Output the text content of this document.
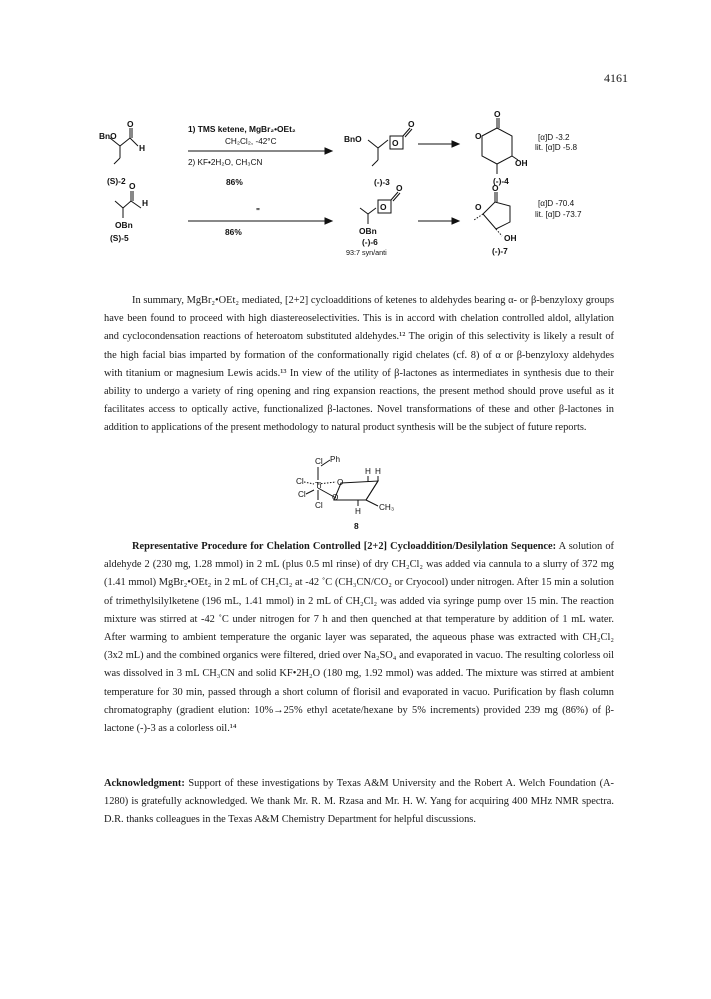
4161
BnO
O
H
(S)-2
1) TMS ketene, MgBr₂•OEt₂
CH₂Cl₂, -42°C
2) KF•2H₂O, CH₃CN
86%
BnO	O
O
(-)-3
O
O
OH
(-)-4
[α]D -3.2
lit. [α]D -5.8
O
H
OBn
(S)-5
"
86%
O
O
OBn
(-)-6
93:7 syn/anti
O
O
OH
(-)-7
[α]D -70.4
lit. [α]D -73.7

In summary, MgBr₂•OEt₂ mediated, [2+2] cycloadditions of ketenes to aldehydes bearing α- or β-benzyloxy groups have been found to proceed with high diastereoselectivities. This is in accord with chelation controlled aldol, allylation and cyclocondensation reactions of heteroatom substituted aldehydes.¹² The origin of this selectivity is likely a result of the high facial bias imparted by formation of the conformationally rigid chelates (cf. 8) of α or β-benzyloxy aldehydes with titanium or magnesium Lewis acids.¹³ In view of the utility of β-lactones as intermediates in synthesis due to their ability to undergo a variety of ring opening and ring expansion reactions, the present method should prove useful as it facilitates access to optically active, functionalized β-lactones. Novel transformations of these and other β-lactones in addition to applications of the present methodology to natural product synthesis will be the subject of future reports.

Cl Ph
Cl Ti O
Cl	O
Cl
H H
CH₃
H
8

Representative Procedure for Chelation Controlled [2+2] Cycloaddition/Desilylation Sequence: A solution of aldehyde 2 (230 mg, 1.28 mmol) in 2 mL (plus 0.5 ml rinse) of dry CH₂Cl₂ was added via cannula to a slurry of 372 mg (1.41 mmol) MgBr₂•OEt₂ in 2 mL of CH₂Cl₂ at -42 ˚C (CH₃CN/CO₂ or Cryocool) under nitrogen. After 15 min a solution of trimethylsilylketene (196 mL, 1.41 mmol) in 2 mL of CH₂Cl₂ was added via syringe pump over 15 min. The reaction mixture was stirred at -42 ˚C under nitrogen for 7 h and then quenched at that temperature by addition of 1 mL water. After warming to ambient temperature the organic layer was separated, the aqueous phase was extracted with CH₂Cl₂ (3x2 mL) and the combined organics were filtered, dried over Na₂SO₄ and evaporated in vacuo. The resulting colorless oil was dissolved in 3 mL CH₃CN and solid KF•2H₂O (180 mg, 1.92 mmol) was added. The mixture was stirred at ambient temperature for 30 min, passed through a short column of florisil and evaporated in vacuo. Purification by flash column chromatography (gradient elution: 10%→25% ethyl acetate/hexane by 5% increments) provided 239 mg (86%) of β-lactone (-)-3 as a colorless oil.¹⁴

Acknowledgment: Support of these investigations by Texas A&M University and the Robert A. Welch Foundation (A-1280) is gratefully acknowledged. We thank Mr. R. M. Rzasa and Mr. H. W. Yang for acquiring 400 MHz NMR spectra. D.R. thanks colleagues in the Texas A&M Chemistry Department for helpful discussions.
